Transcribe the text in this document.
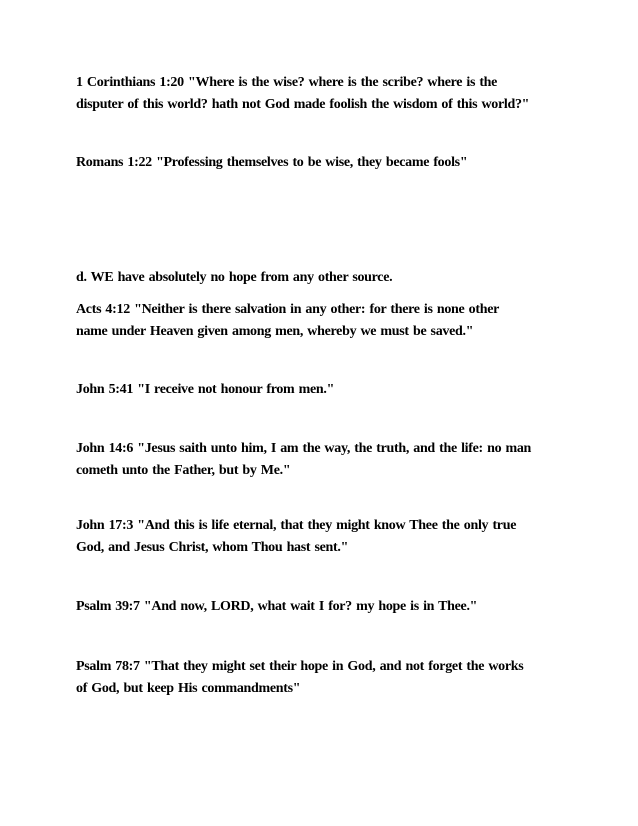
1 Corinthians 1:20 "Where is the wise? where is the scribe? where is the
disputer of this world? hath not God made foolish the wisdom of this world?"

Romans 1:22 "Professing themselves to be wise, they became fools"

d. WE have absolutely no hope from any other source.

Acts 4:12 "Neither is there salvation in any other: for there is none other
name under Heaven given among men, whereby we must be saved."

John 5:41 "I receive not honour from men."

John 14:6 "Jesus saith unto him, I am the way, the truth, and the life: no man
cometh unto the Father, but by Me."

John 17:3 "And this is life eternal, that they might know Thee the only true
God, and Jesus Christ, whom Thou hast sent."

Psalm 39:7 "And now, LORD, what wait I for? my hope is in Thee."

Psalm 78:7 "That they might set their hope in God, and not forget the works
of God, but keep His commandments"
